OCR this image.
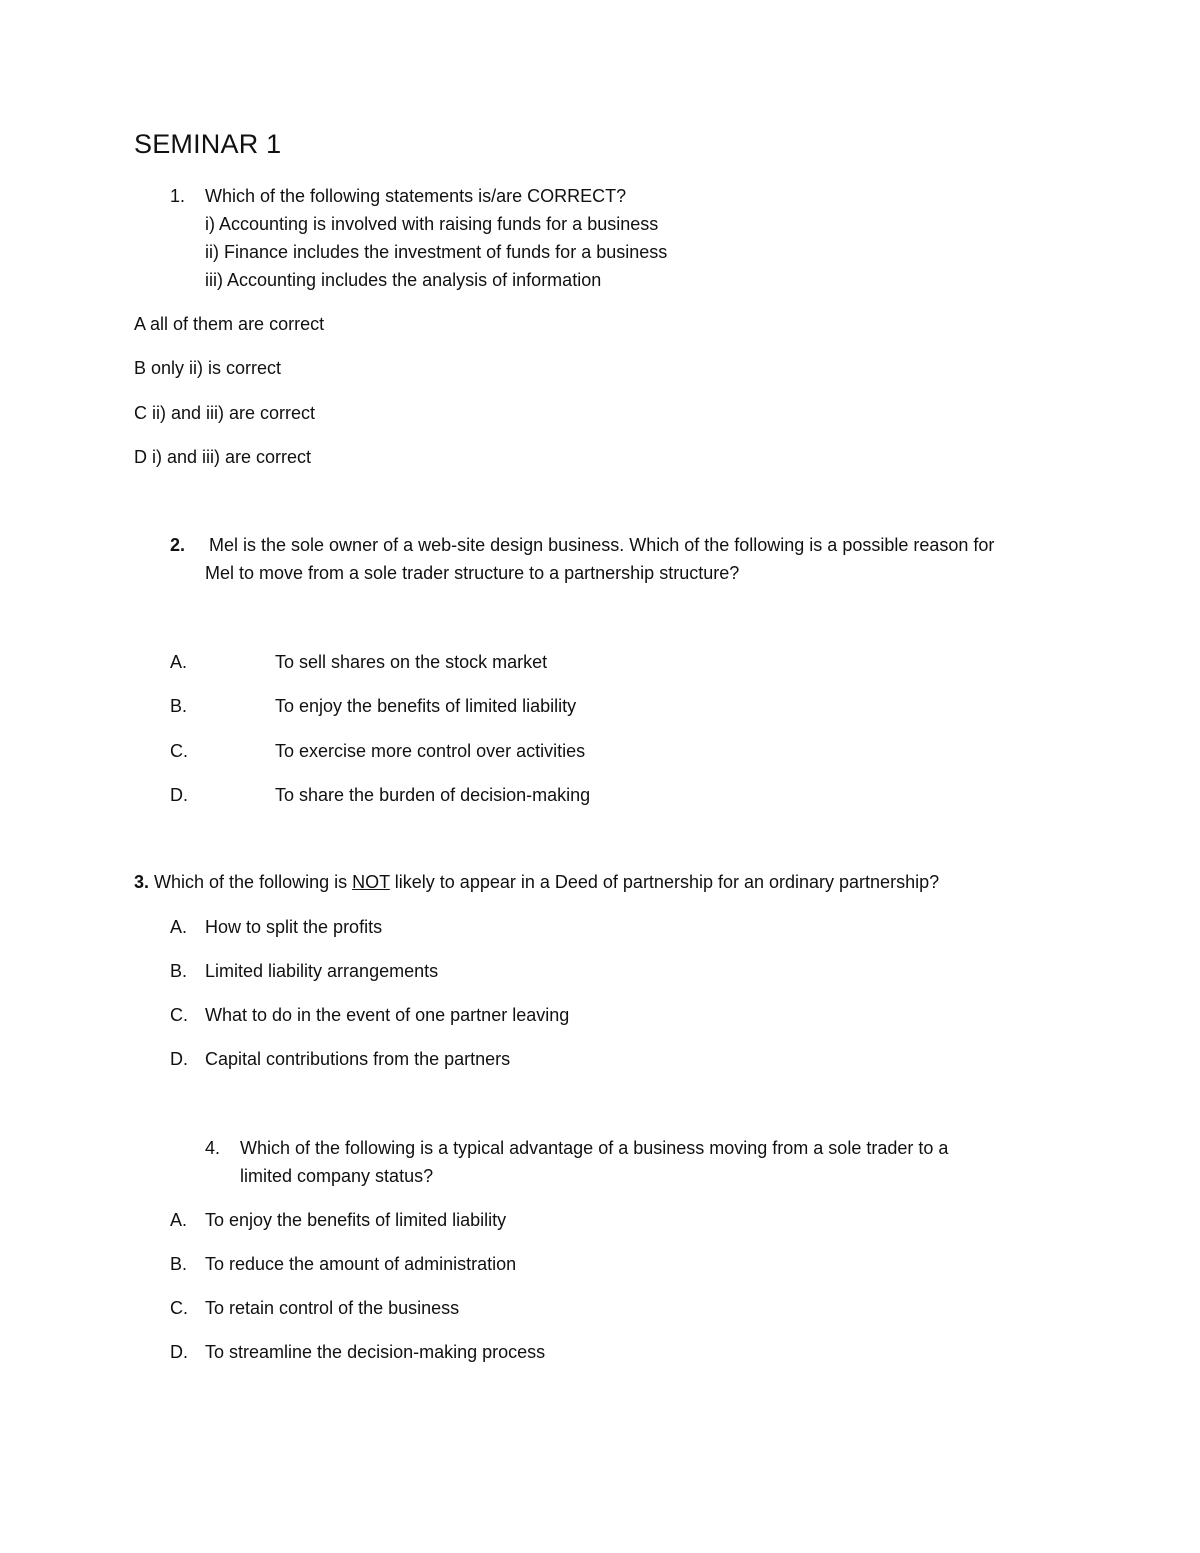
SEMINAR 1
1. Which of the following statements is/are CORRECT?
i) Accounting is involved with raising funds for a business
ii) Finance includes the investment of funds for a business
iii) Accounting includes the analysis of information
A all of them are correct
B only ii) is correct
C ii) and iii) are correct
D i) and iii) are correct
2. Mel is the sole owner of a web-site design business. Which of the following is a possible reason for
Mel to move from a sole trader structure to a partnership structure?
A.	To sell shares on the stock market
B.	To enjoy the benefits of limited liability
C.	To exercise more control over activities
D.	To share the burden of decision-making
3. Which of the following is NOT likely to appear in a Deed of partnership for an ordinary partnership?
A. How to split the profits
B. Limited liability arrangements
C. What to do in the event of one partner leaving
D. Capital contributions from the partners
4. Which of the following is a typical advantage of a business moving from a sole trader to a
limited company status?
A. To enjoy the benefits of limited liability
B. To reduce the amount of administration
C. To retain control of the business
D. To streamline the decision-making process
